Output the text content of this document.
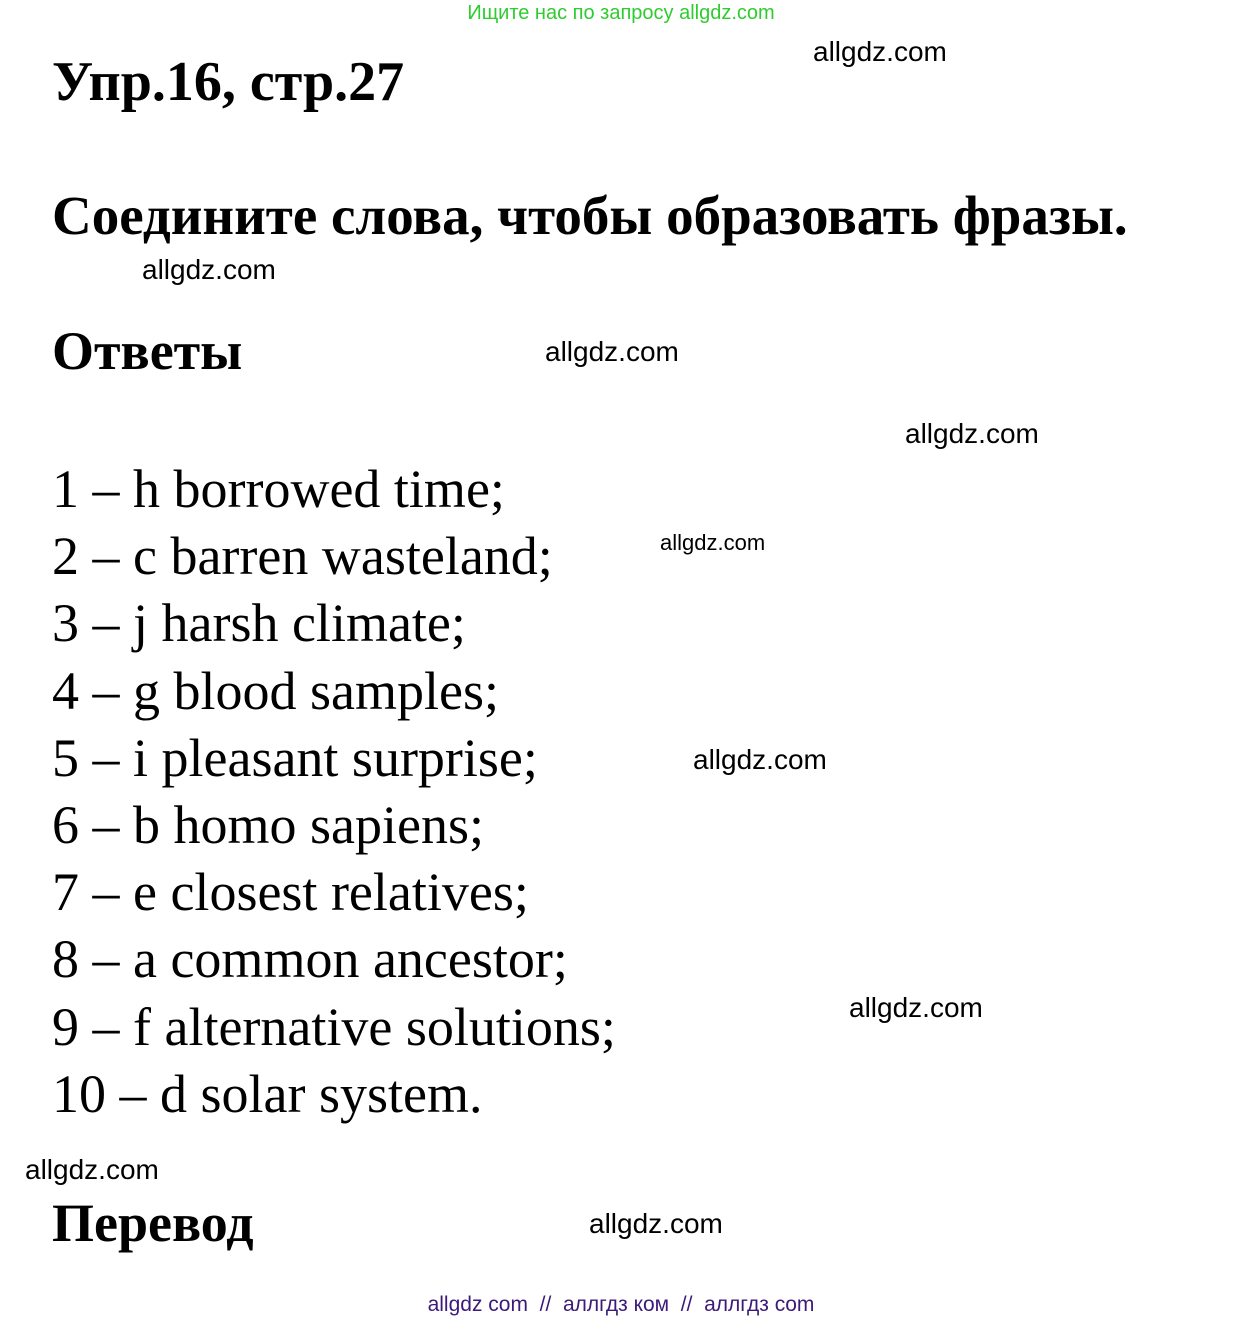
Ищите нас по запросу allgdz.com
Упр.16, стр.27
Соедините слова, чтобы образовать фразы.
Ответы
1 – h borrowed time;
2 – c barren wasteland;
3 – j harsh climate;
4 – g blood samples;
5 – i pleasant surprise;
6 – b homo sapiens;
7 – e closest relatives;
8 – a common ancestor;
9 – f alternative solutions;
10 – d solar system.
Перевод
allgdz.com
allgdz.com
allgdz.com
allgdz.com
allgdz.com
allgdz.com
allgdz.com
allgdz.com
allgdz.com
allgdz com  //  аллгдз ком  //  аллгдз com
